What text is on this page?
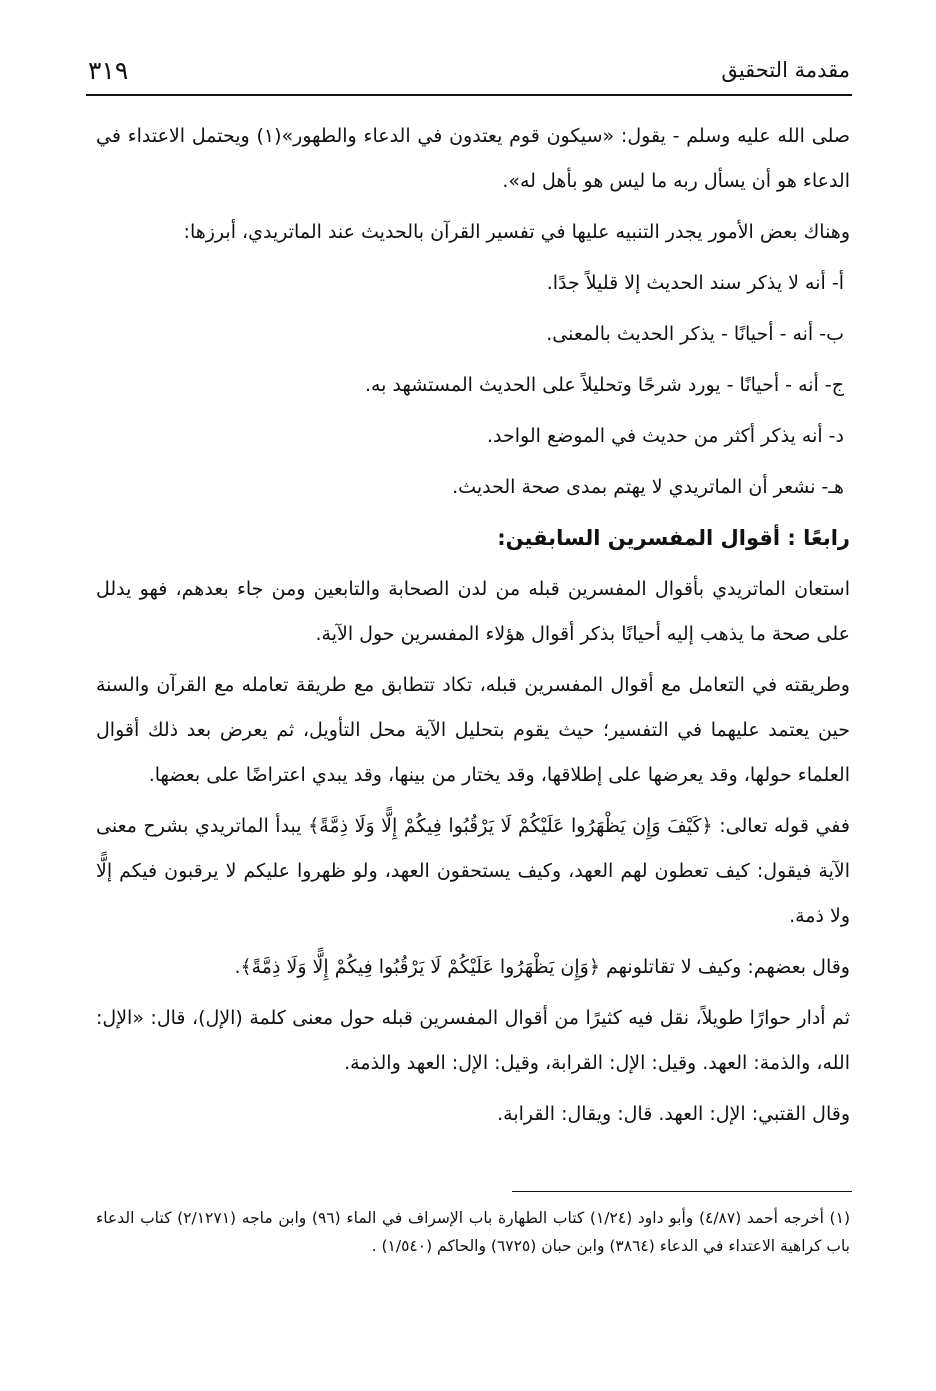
٣١٩	مقدمة التحقيق

صلى الله عليه وسلم - يقول: «سيكون قوم يعتدون في الدعاء والطهور»(١) ويحتمل الاعتداء في الدعاء هو أن يسأل ربه ما ليس هو بأهل له».

وهناك بعض الأمور يجدر التنبيه عليها في تفسير القرآن بالحديث عند الماتريدي، أبرزها:

أ- أنه لا يذكر سند الحديث إلا قليلاً جدًا.

ب- أنه - أحيانًا - يذكر الحديث بالمعنى.

ج- أنه - أحيانًا - يورد شرحًا وتحليلاً على الحديث المستشهد به.

د- أنه يذكر أكثر من حديث في الموضع الواحد.

هـ- نشعر أن الماتريدي لا يهتم بمدى صحة الحديث.

رابعًا : أقوال المفسرين السابقين:

استعان الماتريدي بأقوال المفسرين قبله من لدن الصحابة والتابعين ومن جاء بعدهم، فهو يدلل على صحة ما يذهب إليه أحيانًا بذكر أقوال هؤلاء المفسرين حول الآية.

وطريقته في التعامل مع أقوال المفسرين قبله، تكاد تتطابق مع طريقة تعامله مع القرآن والسنة حين يعتمد عليهما في التفسير؛ حيث يقوم بتحليل الآية محل التأويل، ثم يعرض بعد ذلك أقوال العلماء حولها، وقد يعرضها على إطلاقها، وقد يختار من بينها، وقد يبدي اعتراضًا على بعضها.

ففي قوله تعالى: ﴿كَيْفَ وَإِن يَظْهَرُوا عَلَيْكُمْ لَا يَرْقُبُوا فِيكُمْ إِلًّا وَلَا ذِمَّةً﴾ يبدأ الماتريدي بشرح معنى الآية فيقول: كيف تعطون لهم العهد، وكيف يستحقون العهد، ولو ظهروا عليكم لا يرقبون فيكم إلًّا ولا ذمة.

وقال بعضهم: وكيف لا تقاتلونهم ﴿وَإِن يَظْهَرُوا عَلَيْكُمْ لَا يَرْقُبُوا فِيكُمْ إِلًّا وَلَا ذِمَّةً﴾.

ثم أدار حوارًا طويلاً، نقل فيه كثيرًا من أقوال المفسرين قبله حول معنى كلمة (الإل)، قال: «الإل: الله، والذمة: العهد. وقيل: الإل: القرابة، وقيل: الإل: العهد والذمة.

وقال القتبي: الإل: العهد. قال: ويقال: القرابة.

(١) أخرجه أحمد (٤/٨٧) وأبو داود (١/٢٤) كتاب الطهارة باب الإسراف في الماء (٩٦) وابن ماجه (٢/١٢٧١) كتاب الدعاء باب كراهية الاعتداء في الدعاء (٣٨٦٤) وابن حبان (٦٧٢٥) والحاكم (١/٥٤٠) .
